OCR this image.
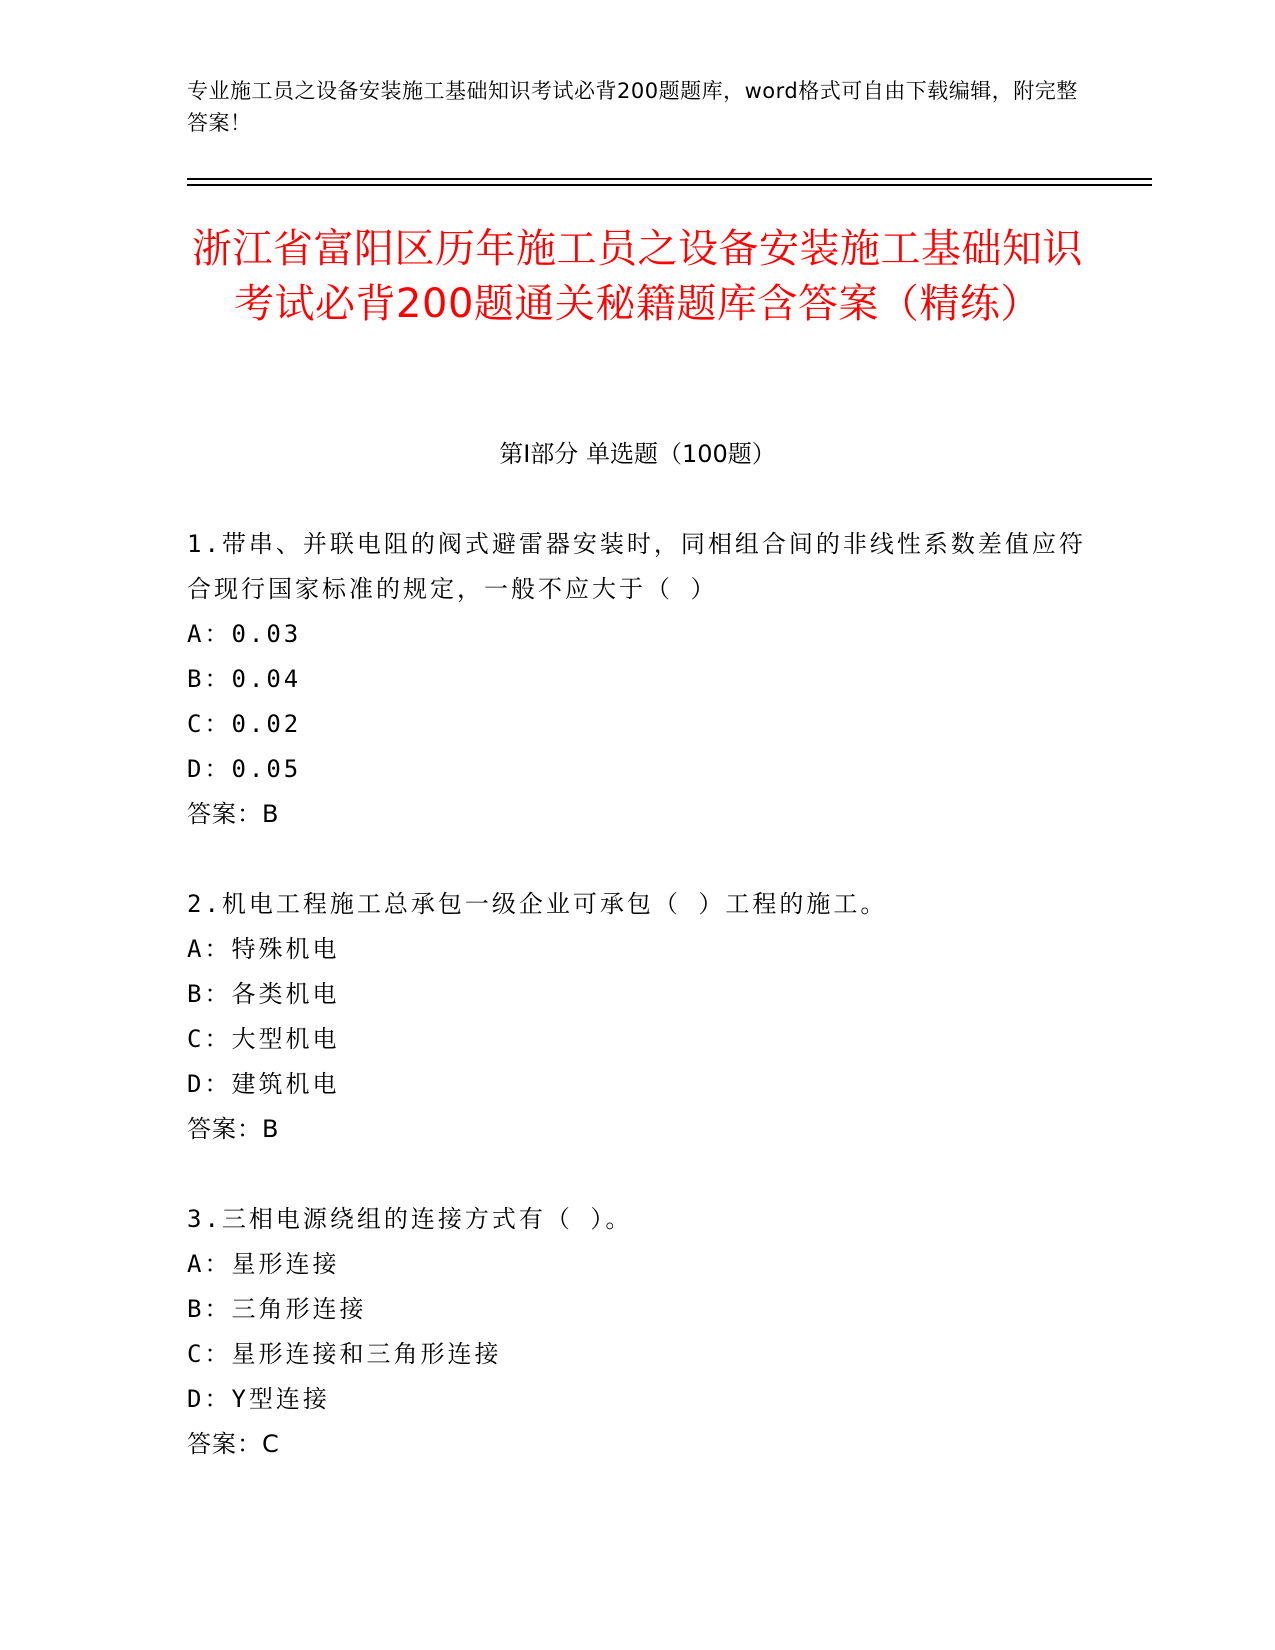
专业施工员之设备安装施工基础知识考试必背200题题库，word格式可自由下载编辑，附完整答案！
浙江省富阳区历年施工员之设备安装施工基础知识考试必背200题通关秘籍题库含答案（精练）
第I部分 单选题（100题）
1.带串、并联电阻的阀式避雷器安装时，同相组合间的非线性系数差值应符合现行国家标准的规定，一般不应大于（ ）
A：0.03
B：0.04
C：0.02
D：0.05
答案：B
2.机电工程施工总承包一级企业可承包（ ）工程的施工。
A：特殊机电
B：各类机电
C：大型机电
D：建筑机电
答案：B
3.三相电源绕组的连接方式有（ ）。
A：星形连接
B：三角形连接
C：星形连接和三角形连接
D：Y型连接
答案：C
